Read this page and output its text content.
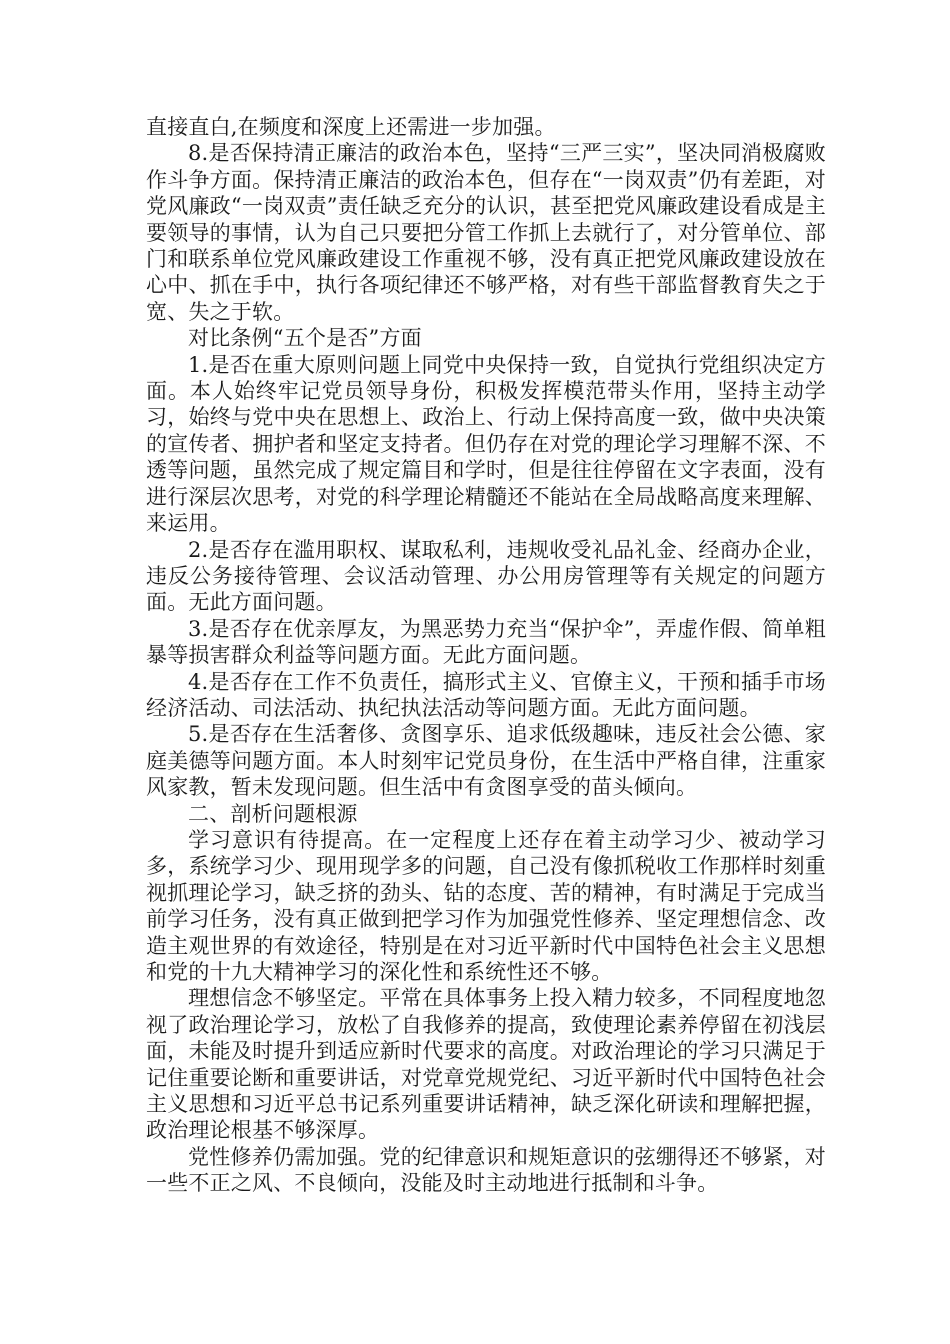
直接直白,在频度和深度上还需进一步加强。

8.是否保持清正廉洁的政治本色，坚持“三严三实”，坚决同消极腐败作斗争方面。保持清正廉洁的政治本色，但存在“一岗双责”仍有差距，对党风廉政“一岗双责”责任缺乏充分的认识，甚至把党风廉政建设看成是主要领导的事情，认为自己只要把分管工作抓上去就行了，对分管单位、部门和联系单位党风廉政建设工作重视不够，没有真正把党风廉政建设放在心中、抓在手中，执行各项纪律还不够严格，对有些干部监督教育失之于宽、失之于软。

对比条例“五个是否”方面

1.是否在重大原则问题上同党中央保持一致，自觉执行党组织决定方面。本人始终牢记党员领导身份，积极发挥模范带头作用，坚持主动学习，始终与党中央在思想上、政治上、行动上保持高度一致，做中央决策的宣传者、拥护者和坚定支持者。但仍存在对党的理论学习理解不深、不透等问题，虽然完成了规定篇目和学时，但是往往停留在文字表面，没有进行深层次思考，对党的科学理论精髓还不能站在全局战略高度来理解、来运用。

2.是否存在滥用职权、谋取私利，违规收受礼品礼金、经商办企业，违反公务接待管理、会议活动管理、办公用房管理等有关规定的问题方面。无此方面问题。

3.是否存在优亲厚友，为黑恶势力充当“保护伞”，弄虚作假、简单粗暴等损害群众利益等问题方面。无此方面问题。

4.是否存在工作不负责任，搞形式主义、官僚主义，干预和插手市场经济活动、司法活动、执纪执法活动等问题方面。无此方面问题。

5.是否存在生活奢侈、贪图享乐、追求低级趣味，违反社会公德、家庭美德等问题方面。本人时刻牢记党员身份，在生活中严格自律，注重家风家教，暂未发现问题。但生活中有贪图享受的苗头倾向。

二、剖析问题根源

学习意识有待提高。在一定程度上还存在着主动学习少、被动学习多，系统学习少、现用现学多的问题，自己没有像抓税收工作那样时刻重视抓理论学习，缺乏挤的劲头、钻的态度、苦的精神，有时满足于完成当前学习任务，没有真正做到把学习作为加强党性修养、坚定理想信念、改造主观世界的有效途径，特别是在对习近平新时代中国特色社会主义思想和党的十九大精神学习的深化性和系统性还不够。

理想信念不够坚定。平常在具体事务上投入精力较多，不同程度地忽视了政治理论学习，放松了自我修养的提高，致使理论素养停留在初浅层面，未能及时提升到适应新时代要求的高度。对政治理论的学习只满足于记住重要论断和重要讲话，对党章党规党纪、习近平新时代中国特色社会主义思想和习近平总书记系列重要讲话精神，缺乏深化研读和理解把握，政治理论根基不够深厚。

党性修养仍需加强。党的纪律意识和规矩意识的弦绷得还不够紧，对一些不正之风、不良倾向，没能及时主动地进行抵制和斗争。
